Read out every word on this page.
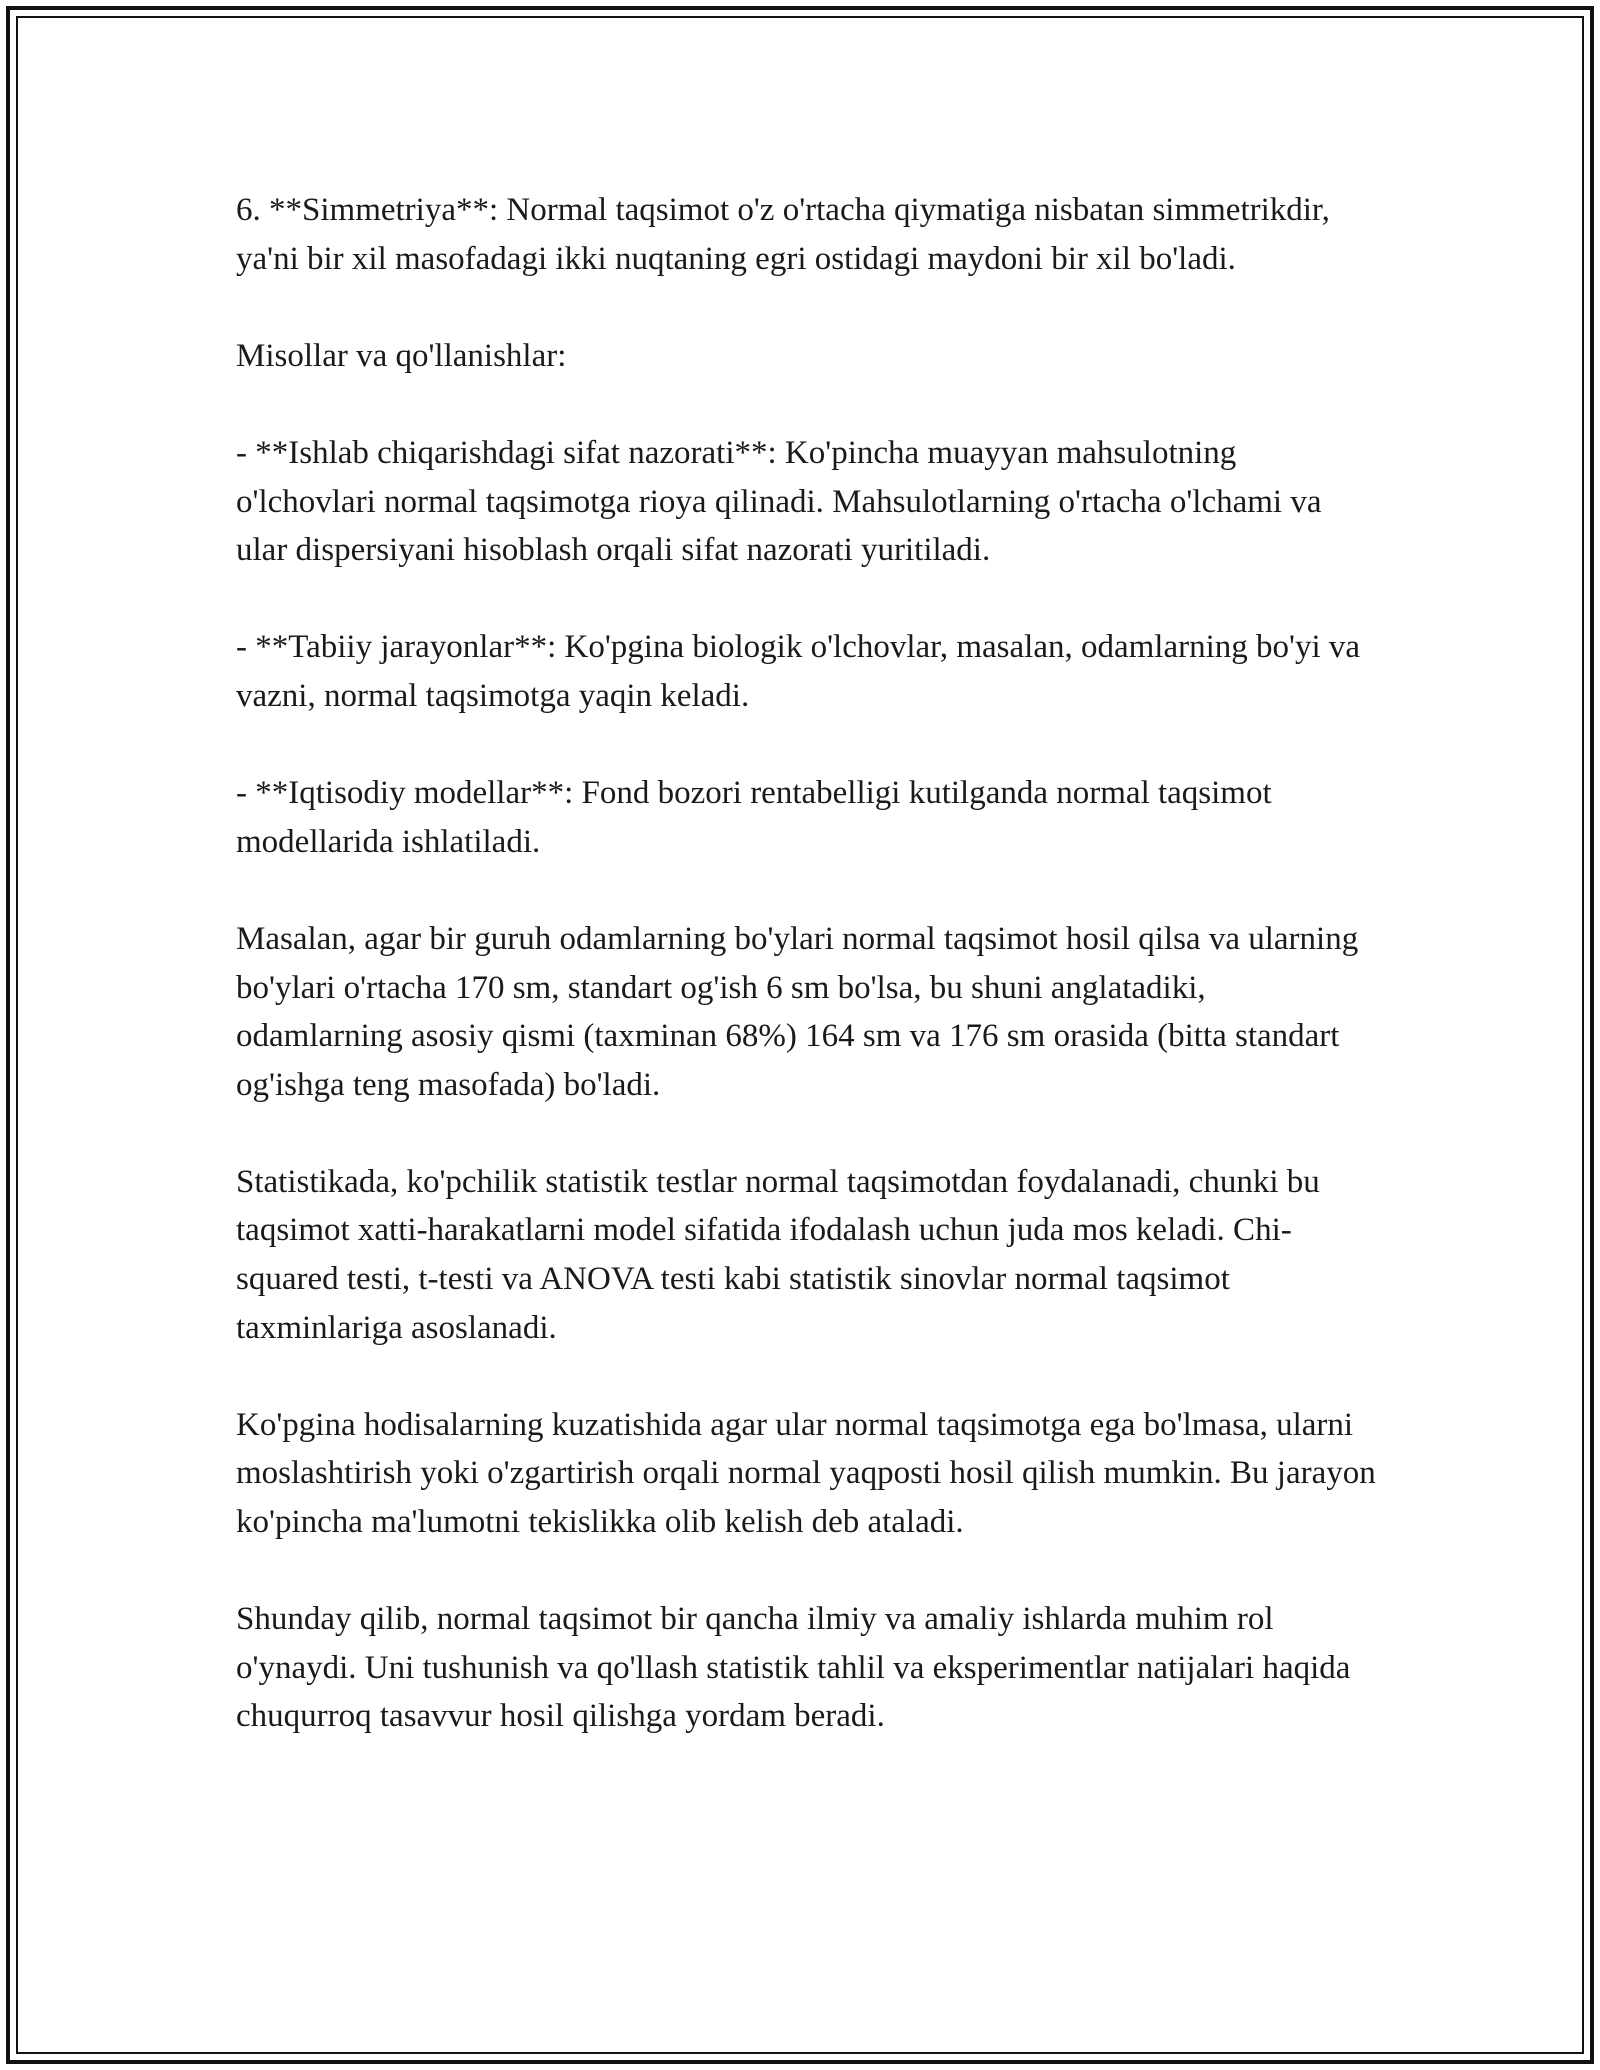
6. **Simmetriya**: Normal taqsimot o'z o'rtacha qiymatiga nisbatan simmetrikdir, ya'ni bir xil masofadagi ikki nuqtaning egri ostidagi maydoni bir xil bo'ladi.

Misollar va qo'llanishlar:

- **Ishlab chiqarishdagi sifat nazorati**: Ko'pincha muayyan mahsulotning o'lchovlari normal taqsimotga rioya qilinadi. Mahsulotlarning o'rtacha o'lchami va ular dispersiyani hisoblash orqali sifat nazorati yuritiladi.

- **Tabiiy jarayonlar**: Ko'pgina biologik o'lchovlar, masalan, odamlarning bo'yi va vazni, normal taqsimotga yaqin keladi.

- **Iqtisodiy modellar**: Fond bozori rentabelligi kutilganda normal taqsimot modellarida ishlatiladi.

Masalan, agar bir guruh odamlarning bo'ylari normal taqsimot hosil qilsa va ularning bo'ylari o'rtacha 170 sm, standart og'ish 6 sm bo'lsa, bu shuni anglatadiki, odamlarning asosiy qismi (taxminan 68%) 164 sm va 176 sm orasida (bitta standart og'ishga teng masofada) bo'ladi.

Statistikada, ko'pchilik statistik testlar normal taqsimotdan foydalanadi, chunki bu taqsimot xatti-harakatlarni model sifatida ifodalash uchun juda mos keladi. Chi-squared testi, t-testi va ANOVA testi kabi statistik sinovlar normal taqsimot taxminlariga asoslanadi.

Ko'pgina hodisalarning kuzatishida agar ular normal taqsimotga ega bo'lmasa, ularni moslashtirish yoki o'zgartirish orqali normal yaqposti hosil qilish mumkin. Bu jarayon ko'pincha ma'lumotni tekislikka olib kelish deb ataladi.

Shunday qilib, normal taqsimot bir qancha ilmiy va amaliy ishlarda muhim rol o'ynaydi. Uni tushunish va qo'llash statistik tahlil va eksperimentlar natijalari haqida chuqurroq tasavvur hosil qilishga yordam beradi.
